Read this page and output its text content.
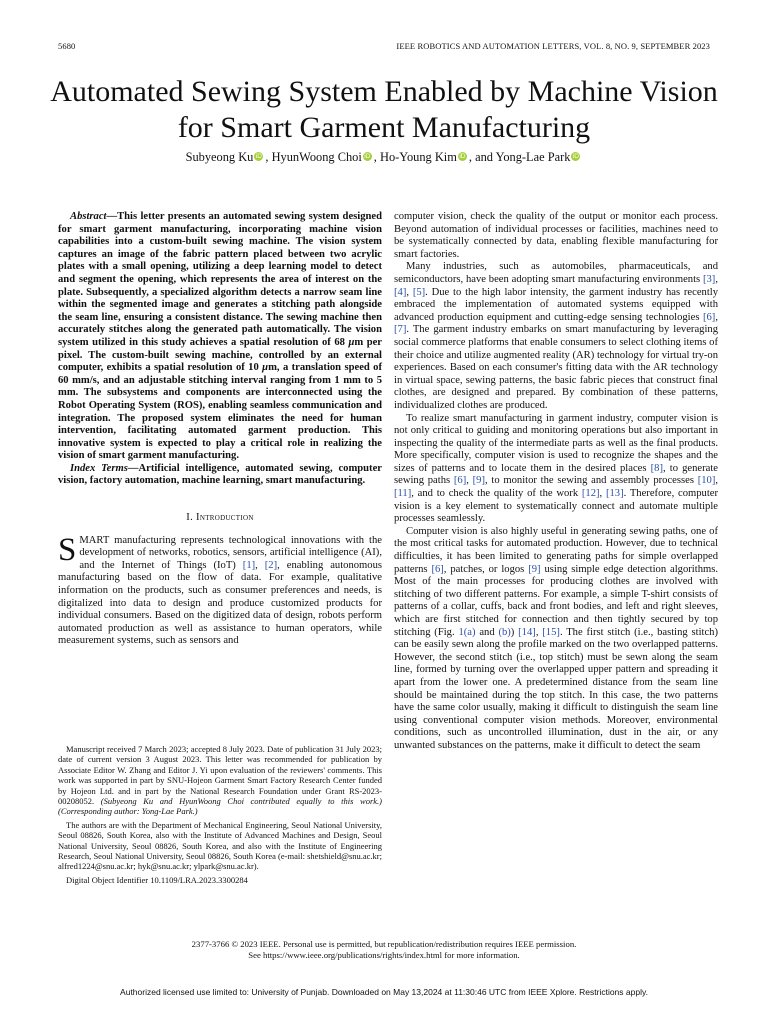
5680	IEEE ROBOTICS AND AUTOMATION LETTERS, VOL. 8, NO. 9, SEPTEMBER 2023
Automated Sewing System Enabled by Machine Vision for Smart Garment Manufacturing
Subyeong Ku iD , HyunWoong Choi iD , Ho-Young Kim iD , and Yong-Lae Park iD

Abstract—This letter presents an automated sewing system designed for smart garment manufacturing, incorporating machine vision capabilities into a custom-built sewing machine. The vision system captures an image of the fabric pattern placed between two acrylic plates with a small opening, utilizing a deep learning model to detect and segment the opening, which represents the area of interest on the plate. Subsequently, a specialized algorithm detects a narrow seam line within the segmented image and generates a stitching path alongside the seam line, ensuring a consistent distance. The sewing machine then accurately stitches along the generated path automatically. The vision system utilized in this study achieves a spatial resolution of 68 μm per pixel. The custom-built sewing machine, controlled by an external computer, exhibits a spatial resolution of 10 μm, a translation speed of 60 mm/s, and an adjustable stitching interval ranging from 1 mm to 5 mm. The subsystems and components are interconnected using the Robot Operating System (ROS), enabling seamless communication and integration. The proposed system eliminates the need for human intervention, facilitating automated garment production. This innovative system is expected to play a critical role in realizing the vision of smart garment manufacturing.

Index Terms—Artificial intelligence, automated sewing, computer vision, factory automation, machine learning, smart manufacturing.

I. Introduction

SMART manufacturing represents technological innovations with the development of networks, robotics, sensors, artificial intelligence (AI), and the Internet of Things (IoT) [1], [2], enabling autonomous manufacturing based on the flow of data. For example, qualitative information on the products, such as consumer preferences and needs, is digitalized into data to design and produce customized products for individual consumers. Based on the digitized data of design, robots perform automated production as well as assistance to human operators, while measurement systems, such as sensors and

Manuscript received 7 March 2023; accepted 8 July 2023. Date of publication 31 July 2023; date of current version 3 August 2023. This letter was recommended for publication by Associate Editor W. Zhang and Editor J. Yi upon evaluation of the reviewers' comments. This work was supported in part by SNU-Hojeon Garment Smart Factory Research Center funded by Hojeon Ltd. and in part by the National Research Foundation under Grant RS-2023-00208052. (Subyeong Ku and HyunWoong Choi contributed equally to this work.) (Corresponding author: Yong-Lae Park.)

The authors are with the Department of Mechanical Engineering, Seoul National University, Seoul 08826, South Korea, also with the Institute of Advanced Machines and Design, Seoul National University, Seoul 08826, South Korea, and also with the Institute of Engineering Research, Seoul National University, Seoul 08826, South Korea (e-mail: shetshield@snu.ac.kr; alfred1224@snu.ac.kr; hyk@snu.ac.kr; ylpark@snu.ac.kr).

Digital Object Identifier 10.1109/LRA.2023.3300284

computer vision, check the quality of the output or monitor each process. Beyond automation of individual processes or facilities, machines need to be systematically connected by data, enabling flexible manufacturing for smart factories.

Many industries, such as automobiles, pharmaceuticals, and semiconductors, have been adopting smart manufacturing environments [3], [4], [5]. Due to the high labor intensity, the garment industry has recently embraced the implementation of automated systems equipped with advanced production equipment and cutting-edge sensing technologies [6], [7]. The garment industry embarks on smart manufacturing by leveraging social commerce platforms that enable consumers to select clothing items of their choice and utilize augmented reality (AR) technology for virtual try-on experiences. Based on each consumer's fitting data with the AR technology in virtual space, sewing patterns, the basic fabric pieces that construct final clothes, are designed and prepared. By combination of these patterns, individualized clothes are produced.

To realize smart manufacturing in garment industry, computer vision is not only critical to guiding and monitoring operations but also important in inspecting the quality of the intermediate parts as well as the final products. More specifically, computer vision is used to recognize the shapes and the sizes of patterns and to locate them in the desired places [8], to generate sewing paths [6], [9], to monitor the sewing and assembly processes [10], [11], and to check the quality of the work [12], [13]. Therefore, computer vision is a key element to systematically connect and automate multiple processes seamlessly.

Computer vision is also highly useful in generating sewing paths, one of the most critical tasks for automated production. However, due to technical difficulties, it has been limited to generating paths for simple overlapped patterns [6], patches, or logos [9] using simple edge detection algorithms. Most of the main processes for producing clothes are involved with stitching of two different patterns. For example, a simple T-shirt consists of patterns of a collar, cuffs, back and front bodies, and left and right sleeves, which are first stitched for connection and then tightly secured by top stitching (Fig. 1(a) and (b)) [14], [15]. The first stitch (i.e., basting stitch) can be easily sewn along the profile marked on the two overlapped patterns. However, the second stitch (i.e., top stitch) must be sewn along the seam line, formed by turning over the overlapped upper pattern and spreading it apart from the lower one. A predetermined distance from the seam line should be maintained during the top stitch. In this case, the two patterns have the same color usually, making it difficult to distinguish the seam line using conventional computer vision methods. Moreover, environmental conditions, such as uncontrolled illumination, dust in the air, or any unwanted substances on the patterns, make it difficult to detect the seam

2377-3766 © 2023 IEEE. Personal use is permitted, but republication/redistribution requires IEEE permission.
See https://www.ieee.org/publications/rights/index.html for more information.
Authorized licensed use limited to: University of Punjab. Downloaded on May 13,2024 at 11:30:46 UTC from IEEE Xplore. Restrictions apply.
